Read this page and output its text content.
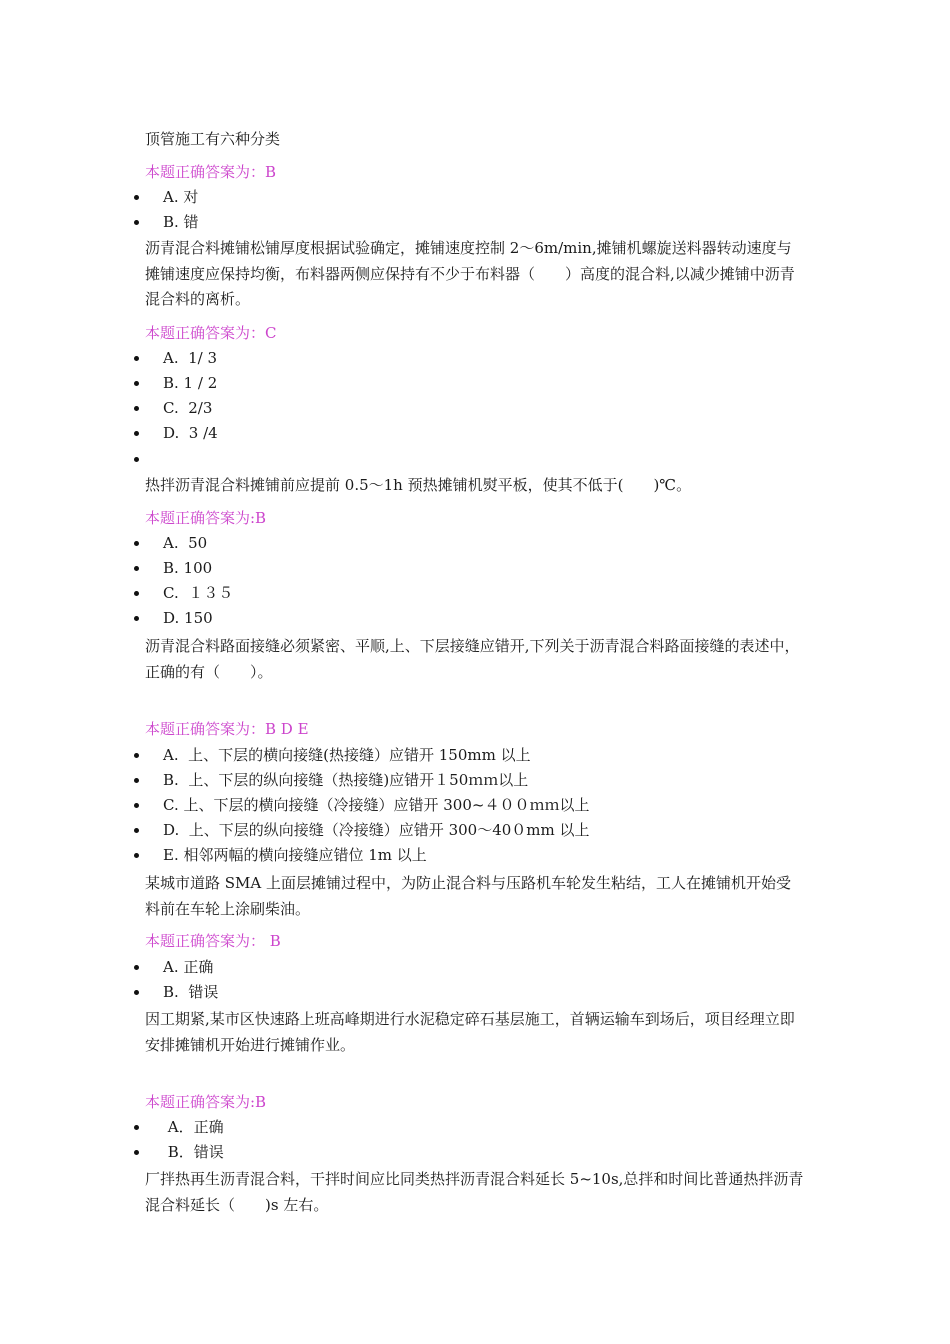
顶管施工有六种分类

本题正确答案为：B
A. 对
B. 错

沥青混合料摊铺松铺厚度根据试验确定，摊铺速度控制 2～6m/min,摊铺机螺旋送料器转动速度与摊铺速度应保持均衡，布料器两侧应保持有不少于布料器（　　）高度的混合料,以减少摊铺中沥青混合料的离析。

本题正确答案为：C
A.  1/ 3
B. 1 / 2
C.  2/3
D.  3 /4

热拌沥青混合料摊铺前应提前 0.5～1h 预热摊铺机熨平板，使其不低于(　　)℃。

本题正确答案为:B
A.  50
B. 100
C.  １３５
D. 150

沥青混合料路面接缝必须紧密、平顺,上、下层接缝应错开,下列关于沥青混合料路面接缝的表述中，正确的有（　　）。

本题正确答案为：B D E
A.  上、下层的横向接缝(热接缝）应错开 150mm 以上
B.  上、下层的纵向接缝（热接缝)应错开１50ｍｍ以上
C. 上、下层的横向接缝（冷接缝）应错开 300~４００ｍｍ以上
D.  上、下层的纵向接缝（冷接缝）应错开 300～40０mm 以上
E. 相邻两幅的横向接缝应错位 1m 以上

某城市道路 SMA 上面层摊铺过程中，为防止混合料与压路机车轮发生粘结，工人在摊铺机开始受料前在车轮上涂刷柴油。

本题正确答案为： B
A. 正确
B.  错误

因工期紧,某市区快速路上班高峰期进行水泥稳定碎石基层施工，首辆运输车到场后，项目经理立即安排摊铺机开始进行摊铺作业。

本题正确答案为:B
A．正确
B．错误

厂拌热再生沥青混合料，干拌时间应比同类热拌沥青混合料延长 5~10s,总拌和时间比普通热拌沥青混合料延长（　　)s 左右。
